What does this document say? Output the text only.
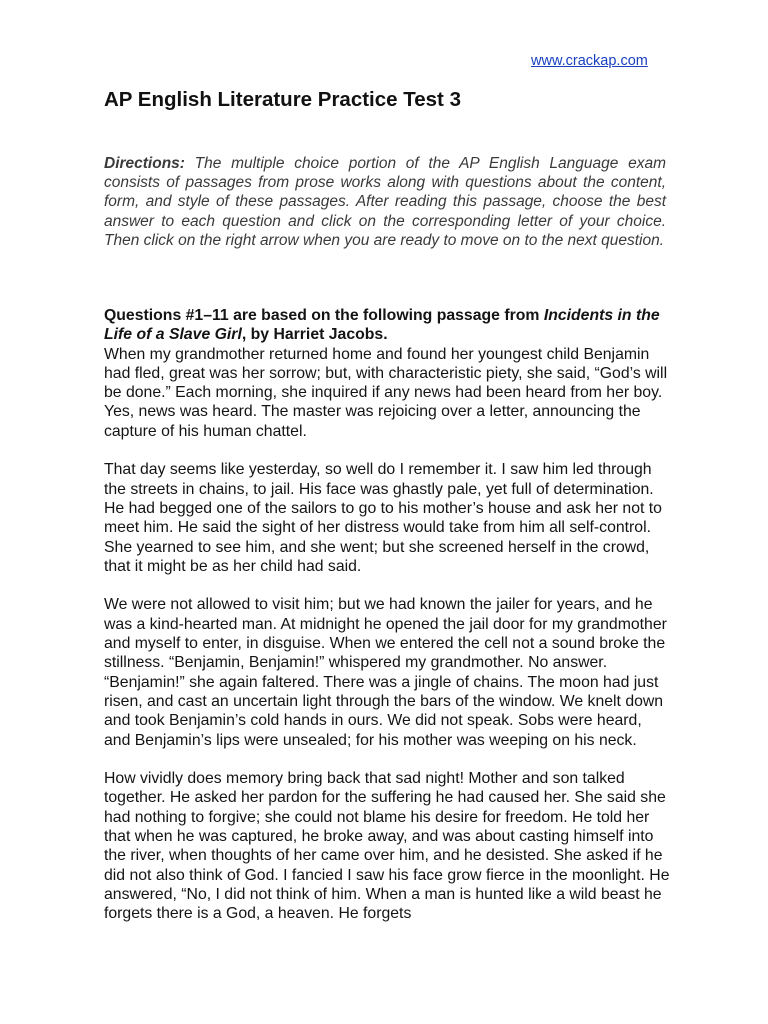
www.crackap.com
AP English Literature Practice Test 3

Directions: The multiple choice portion of the AP English Language exam consists of passages from prose works along with questions about the content, form, and style of these passages. After reading this passage, choose the best answer to each question and click on the corresponding letter of your choice. Then click on the right arrow when you are ready to move on to the next question.

Questions #1–11 are based on the following passage from Incidents in the Life of a Slave Girl, by Harriet Jacobs.

When my grandmother returned home and found her youngest child Benjamin had fled, great was her sorrow; but, with characteristic piety, she said, “God’s will be done.” Each morning, she inquired if any news had been heard from her boy. Yes, news was heard. The master was rejoicing over a letter, announcing the capture of his human chattel.

That day seems like yesterday, so well do I remember it. I saw him led through the streets in chains, to jail. His face was ghastly pale, yet full of determination. He had begged one of the sailors to go to his mother’s house and ask her not to meet him. He said the sight of her distress would take from him all self-control. She yearned to see him, and she went; but she screened herself in the crowd, that it might be as her child had said.

We were not allowed to visit him; but we had known the jailer for years, and he was a kind-hearted man. At midnight he opened the jail door for my grandmother and myself to enter, in disguise. When we entered the cell not a sound broke the stillness. “Benjamin, Benjamin!” whispered my grandmother. No answer. “Benjamin!” she again faltered. There was a jingle of chains. The moon had just risen, and cast an uncertain light through the bars of the window. We knelt down and took Benjamin’s cold hands in ours. We did not speak. Sobs were heard, and Benjamin’s lips were unsealed; for his mother was weeping on his neck.

How vividly does memory bring back that sad night! Mother and son talked together. He asked her pardon for the suffering he had caused her. She said she had nothing to forgive; she could not blame his desire for freedom. He told her that when he was captured, he broke away, and was about casting himself into the river, when thoughts of her came over him, and he desisted. She asked if he did not also think of God. I fancied I saw his face grow fierce in the moonlight. He answered, “No, I did not think of him. When a man is hunted like a wild beast he forgets there is a God, a heaven. He forgets
